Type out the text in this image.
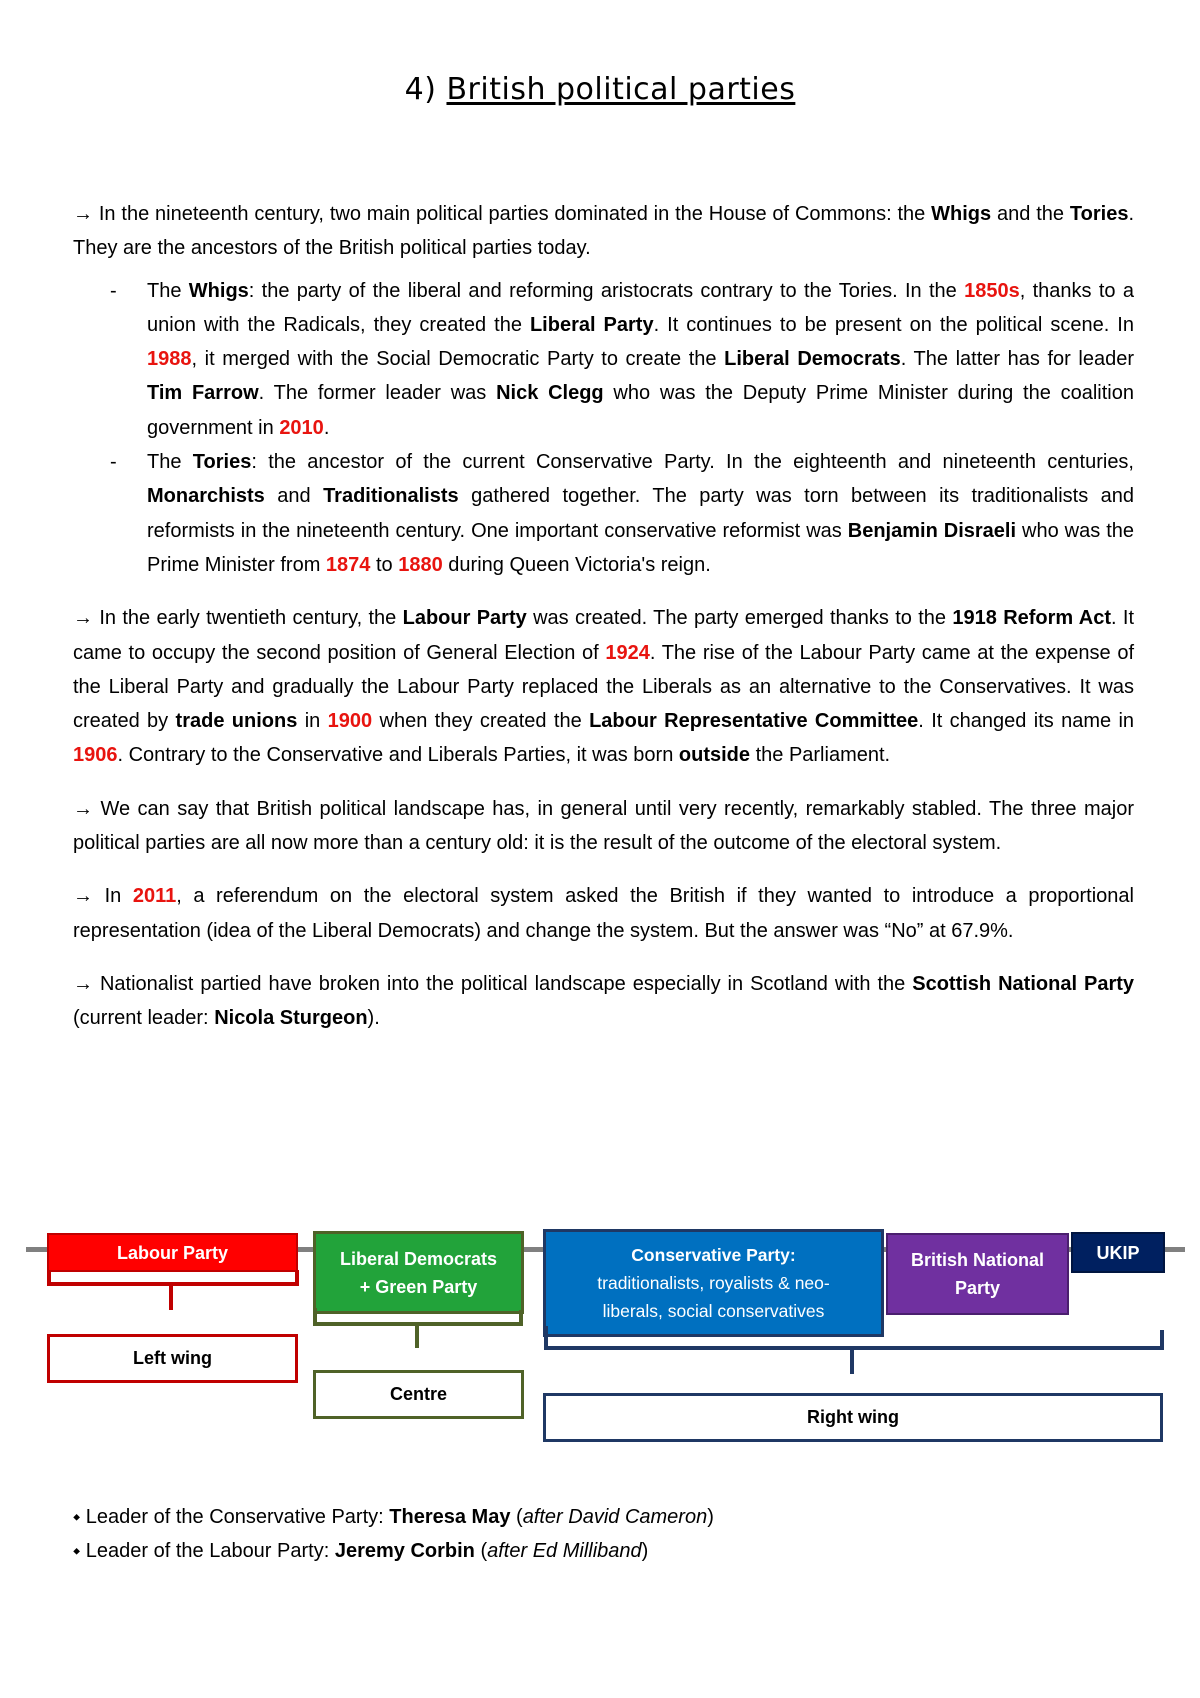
4) British political parties

→ In the nineteenth century, two main political parties dominated in the House of Commons: the Whigs and the Tories. They are the ancestors of the British political parties today.

- The Whigs: the party of the liberal and reforming aristocrats contrary to the Tories. In the 1850s, thanks to a union with the Radicals, they created the Liberal Party. It continues to be present on the political scene. In 1988, it merged with the Social Democratic Party to create the Liberal Democrats. The latter has for leader Tim Farrow. The former leader was Nick Clegg who was the Deputy Prime Minister during the coalition government in 2010.
- The Tories: the ancestor of the current Conservative Party. In the eighteenth and nineteenth centuries, Monarchists and Traditionalists gathered together. The party was torn between its traditionalists and reformists in the nineteenth century. One important conservative reformist was Benjamin Disraeli who was the Prime Minister from 1874 to 1880 during Queen Victoria's reign.

→ In the early twentieth century, the Labour Party was created. The party emerged thanks to the 1918 Reform Act. It came to occupy the second position of General Election of 1924. The rise of the Labour Party came at the expense of the Liberal Party and gradually the Labour Party replaced the Liberals as an alternative to the Conservatives. It was created by trade unions in 1900 when they created the Labour Representative Committee. It changed its name in 1906. Contrary to the Conservative and Liberals Parties, it was born outside the Parliament.

→ We can say that British political landscape has, in general until very recently, remarkably stabled. The three major political parties are all now more than a century old: it is the result of the outcome of the electoral system.

→ In 2011, a referendum on the electoral system asked the British if they wanted to introduce a proportional representation (idea of the Liberal Democrats) and change the system. But the answer was “No” at 67.9%.

→ Nationalist partied have broken into the political landscape especially in Scotland with the Scottish National Party (current leader: Nicola Sturgeon).

Labour Party	Liberal Democrats
+ Green Party
Conservative Party:
traditionalists, royalists & neo-
liberals, social conservatives
British National
Party
UKIP
Left wing
Centre
Right wing
⬩ Leader of the Conservative Party: Theresa May (after David Cameron)
⬩ Leader of the Labour Party: Jeremy Corbin (after Ed Milliband)
